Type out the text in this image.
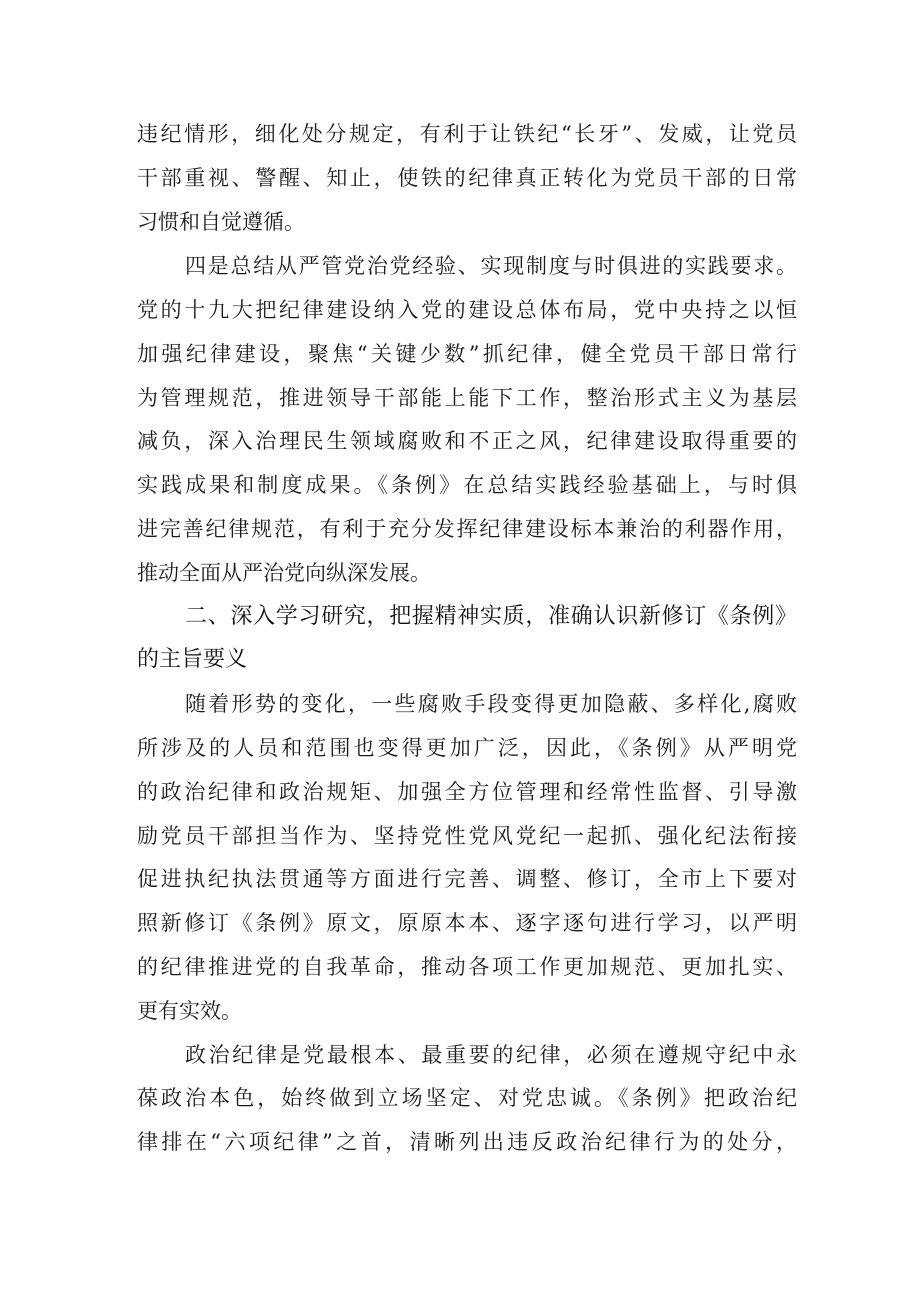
违纪情形，细化处分规定，有利于让铁纪“长牙”、发威，让党员
干部重视、警醒、知止，使铁的纪律真正转化为党员干部的日常
习惯和自觉遵循。
四是总结从严管党治党经验、实现制度与时俱进的实践要求。
党的十九大把纪律建设纳入党的建设总体布局，党中央持之以恒
加强纪律建设，聚焦“关键少数”抓纪律，健全党员干部日常行
为管理规范，推进领导干部能上能下工作，整治形式主义为基层
减负，深入治理民生领域腐败和不正之风，纪律建设取得重要的
实践成果和制度成果。《条例》在总结实践经验基础上，与时俱
进完善纪律规范，有利于充分发挥纪律建设标本兼治的利器作用，
推动全面从严治党向纵深发展。
二、深入学习研究，把握精神实质，准确认识新修订《条例》
的主旨要义
随着形势的变化，一些腐败手段变得更加隐蔽、多样化,腐败
所涉及的人员和范围也变得更加广泛，因此，《条例》从严明党
的政治纪律和政治规矩、加强全方位管理和经常性监督、引导激
励党员干部担当作为、坚持党性党风党纪一起抓、强化纪法衔接
促进执纪执法贯通等方面进行完善、调整、修订，全市上下要对
照新修订《条例》原文，原原本本、逐字逐句进行学习，以严明
的纪律推进党的自我革命，推动各项工作更加规范、更加扎实、
更有实效。
政治纪律是党最根本、最重要的纪律，必须在遵规守纪中永
葆政治本色，始终做到立场坚定、对党忠诚。《条例》把政治纪
律排在“六项纪律”之首，清晰列出违反政治纪律行为的处分，
